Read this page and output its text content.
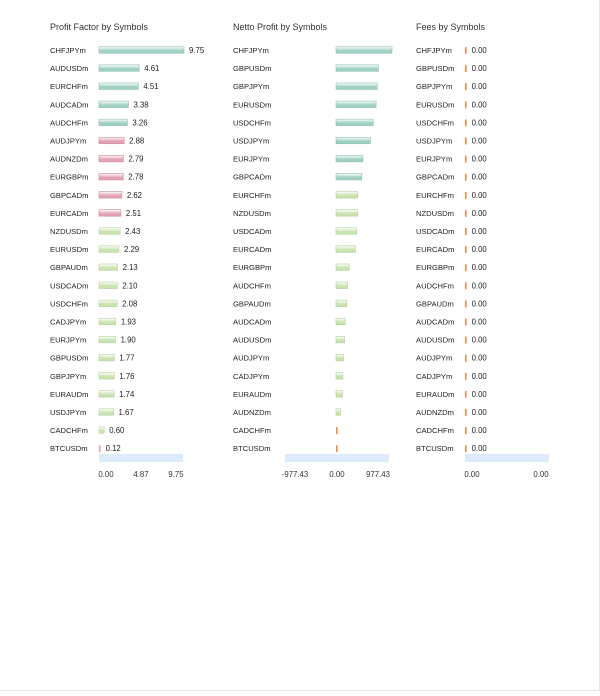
Profit Factor by Symbols
CHFJPYm	9.75
AUDUSDm	4.61
EURCHFm	4.51
AUDCADm	3.38
AUDCHFm	3.26
AUDJPYm	2.88
AUDNZDm	2.79
EURGBPm	2.78
GBPCADm	2.62
EURCADm	2.51
NZDUSDm	2.43
EURUSDm	2.29
GBPAUDm	2.13
USDCADm	2.10
USDCHFm	2.08
CADJPYm	1.93
EURJPYm	1.90
GBPUSDm	1.77
GBPJPYm	1.76
EURAUDm	1.74
USDJPYm	1.67
CADCHFm	0.60
BTCUSDm 0.12
0.00	4.87	9.75
Netto Profit by Symbols
CHFJPYm
GBPUSDm
GBPJPYm
EURUSDm
USDCHFm
USDJPYm
EURJPYm
GBPCADm
EURCHFm
NZDUSDm
USDCADm
EURCADm
EURGBPm
AUDCHFm
GBPAUDm
AUDCADm
AUDUSDm
AUDJPYm
CADJPYm
EURAUDm
AUDNZDm
CADCHFm
BTCUSDm
-977.43	0.00	977.43
Fees by Symbols
CHFJPYm	0.00
GBPUSDm 0.00
GBPJPYm 0.00
EURUSDm 0.00
USDCHFm 0.00
USDJPYm 0.00
EURJPYm 0.00
GBPCADm 0.00
EURCHFm 0.00
NZDUSDm 0.00
USDCADm 0.00
EURCADm 0.00
EURGBPm 0.00
AUDCHFm 0.00
GBPAUDm 0.00
AUDCADm 0.00
AUDUSDm 0.00
AUDJPYm 0.00
CADJPYm 0.00
EURAUDm 0.00
AUDNZDm 0.00
CADCHFm 0.00
BTCUSDm 0.00
0.00	0.00
